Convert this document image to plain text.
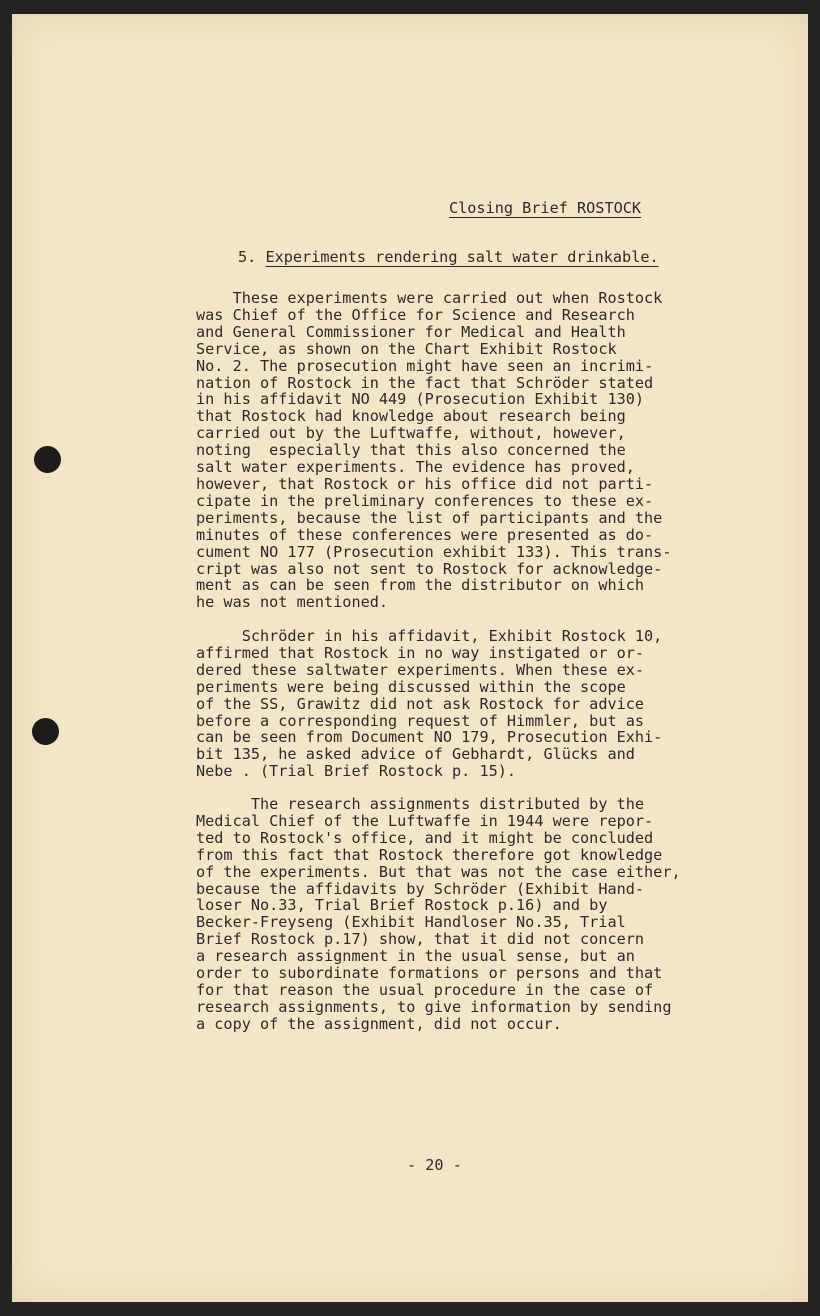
Closing Brief ROSTOCK
5. Experiments rendering salt water drinkable.
These experiments were carried out when Rostock
was Chief of the Office for Science and Research
and General Commissioner for Medical and Health
Service, as shown on the Chart Exhibit Rostock
No. 2. The prosecution might have seen an incrimi-
nation of Rostock in the fact that Schröder stated
in his affidavit NO 449 (Prosecution Exhibit 130)
that Rostock had knowledge about research being
carried out by the Luftwaffe, without, however,
noting  especially that this also concerned the
salt water experiments. The evidence has proved,
however, that Rostock or his office did not parti-
cipate in the preliminary conferences to these ex-
periments, because the list of participants and the
minutes of these conferences were presented as do-
cument NO 177 (Prosecution exhibit 133). This trans-
cript was also not sent to Rostock for acknowledge-
ment as can be seen from the distributor on which
he was not mentioned.
Schröder in his affidavit, Exhibit Rostock 10,
affirmed that Rostock in no way instigated or or-
dered these saltwater experiments. When these ex-
periments were being discussed within the scope
of the SS, Grawitz did not ask Rostock for advice
before a corresponding request of Himmler, but as
can be seen from Document NO 179, Prosecution Exhi-
bit 135, he asked advice of Gebhardt, Glücks and
Nebe . (Trial Brief Rostock p. 15).
The research assignments distributed by the
Medical Chief of the Luftwaffe in 1944 were repor-
ted to Rostock's office, and it might be concluded
from this fact that Rostock therefore got knowledge
of the experiments. But that was not the case either,
because the affidavits by Schröder (Exhibit Hand-
loser No.33, Trial Brief Rostock p.16) and by
Becker-Freyseng (Exhibit Handloser No.35, Trial
Brief Rostock p.17) show, that it did not concern
a research assignment in the usual sense, but an
order to subordinate formations or persons and that
for that reason the usual procedure in the case of
research assignments, to give information by sending
a copy of the assignment, did not occur.
- 20 -
